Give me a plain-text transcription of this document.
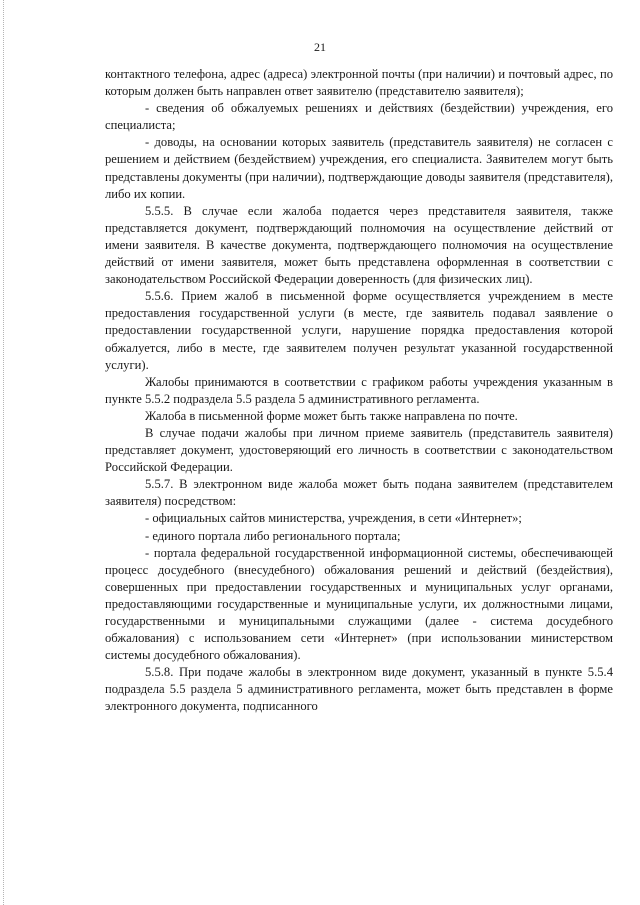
21

контактного телефона, адрес (адреса) электронной почты (при наличии) и почтовый адрес, по которым должен быть направлен ответ заявителю (представителю заявителя);

- сведения об обжалуемых решениях и действиях (бездействии) учреждения, его специалиста;

- доводы, на основании которых заявитель (представитель заявителя) не согласен с решением и действием (бездействием) учреждения, его специалиста. Заявителем могут быть представлены документы (при наличии), подтверждающие доводы заявителя (представителя), либо их копии.

5.5.5. В случае если жалоба подается через представителя заявителя, также представляется документ, подтверждающий полномочия на осуществление действий от имени заявителя. В качестве документа, подтверждающего полномочия на осуществление действий от имени заявителя, может быть представлена оформленная в соответствии с законодательством Российской Федерации доверенность (для физических лиц).

5.5.6. Прием жалоб в письменной форме осуществляется учреждением в месте предоставления государственной услуги (в месте, где заявитель подавал заявление о предоставлении государственной услуги, нарушение порядка предоставления которой обжалуется, либо в месте, где заявителем получен результат указанной государственной услуги).

Жалобы принимаются в соответствии с графиком работы учреждения указанным в пункте 5.5.2 подраздела 5.5 раздела 5 административного регламента.

Жалоба в письменной форме может быть также направлена по почте.

В случае подачи жалобы при личном приеме заявитель (представитель заявителя) представляет документ, удостоверяющий его личность в соответствии с законодательством Российской Федерации.

5.5.7. В электронном виде жалоба может быть подана заявителем (представителем заявителя) посредством:

- официальных сайтов министерства, учреждения, в сети «Интернет»;

- единого портала либо регионального портала;

- портала федеральной государственной информационной системы, обеспечивающей процесс досудебного (внесудебного) обжалования решений и действий (бездействия), совершенных при предоставлении государственных и муниципальных услуг органами, предоставляющими государственные и муниципальные услуги, их должностными лицами, государственными и муниципальными служащими (далее - система досудебного обжалования) с использованием сети «Интернет» (при использовании министерством системы досудебного обжалования).

5.5.8. При подаче жалобы в электронном виде документ, указанный в пункте 5.5.4 подраздела 5.5 раздела 5 административного регламента, может быть представлен в форме электронного документа, подписанного
